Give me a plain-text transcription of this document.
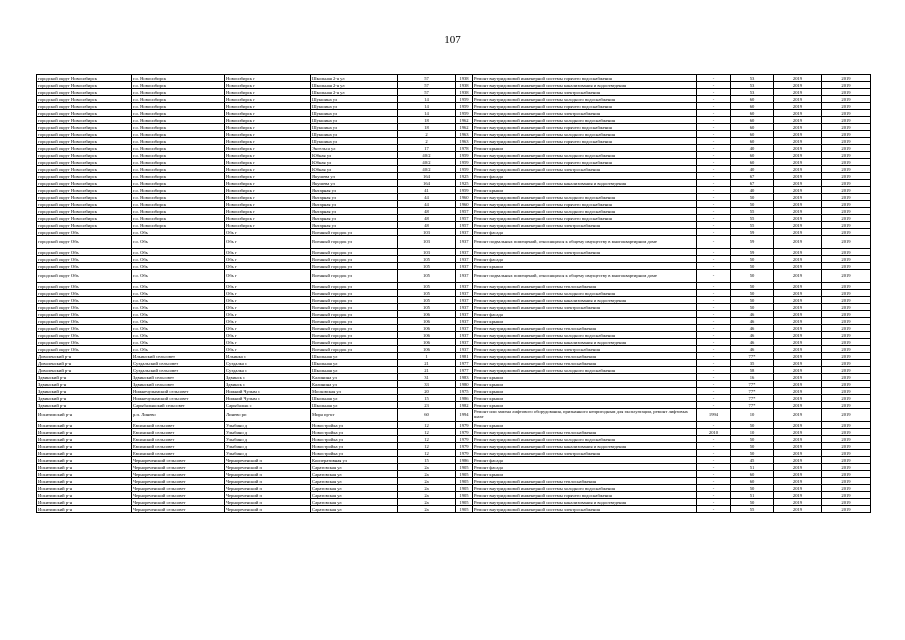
107
городской округ Новосибирск	г.о. Новосибирск	Новосибирск г	Школьная 2-я ул	57	1938	Ремонт внутридомовой инженерной системы горячего водоснабжения	-	53	2019	2019
городской округ Новосибирск	г.о. Новосибирск	Новосибирск г	Школьная 2-я ул	57	1938	Ремонт внутридомовой инженерной системы канализования и водоотведения	-	53	2019	2019
городской округ Новосибирск	г.о. Новосибирск	Новосибирск г	Школьная 2-я ул	57	1938	Ремонт внутридомовой инженерной системы электроснабжения	-	53	2019	2019
городской округ Новосибирск	г.о. Новосибирск	Новосибирск г	Шукшина ул	14	1959	Ремонт внутридомовой инженерной системы холодного водоснабжения	-	60	2019	2019
городской округ Новосибирск	г.о. Новосибирск	Новосибирск г	Шукшина ул	14	1959	Ремонт внутридомовой инженерной системы горячего водоснабжения	-	60	2019	2019
городской округ Новосибирск	г.о. Новосибирск	Новосибирск г	Шукшина ул	14	1959	Ремонт внутридомовой инженерной системы электроснабжения	-	60	2019	2019
городской округ Новосибирск	г.о. Новосибирск	Новосибирск г	Шукшина ул	18	1962	Ремонт внутридомовой инженерной системы холодного водоснабжения	-	60	2019	2019
городской округ Новосибирск	г.о. Новосибирск	Новосибирск г	Шукшина ул	18	1962	Ремонт внутридомовой инженерной системы горячего водоснабжения	-	60	2019	2019
городской округ Новосибирск	г.о. Новосибирск	Новосибирск г	Шукшина ул	2	1963	Ремонт внутридомовой инженерной системы холодного водоснабжения	-	60	2019	2019
городской округ Новосибирск	г.о. Новосибирск	Новосибирск г	Шукшина ул	2	1963	Ремонт внутридомовой инженерной системы горячего водоснабжения	-	60	2019	2019
городской округ Новосибирск	г.о. Новосибирск	Новосибирск г	Энгельса ул	17	1978	Ремонт крыши	-	40	2019	2019
городской округ Новосибирск	г.о. Новосибирск	Новосибирск г	Юбная ул	40/2	1959	Ремонт внутридомовой инженерной системы холодного водоснабжения	-	60	2019	2019
городской округ Новосибирск	г.о. Новосибирск	Новосибирск г	Юбная ул	40/2	1959	Ремонт внутридомовой инженерной системы горячего водоснабжения	-	60	2019	2019
городской округ Новосибирск	г.о. Новосибирск	Новосибирск г	Юбная ул	40/2	1959	Ремонт внутридомовой инженерной системы электроснабжения	-	40	2019	2019
городской округ Новосибирск	г.о. Новосибирск	Новосибирск г	Якушева ул	164	1925	Ремонт фасада	-	67	2019	2019
городской округ Новосибирск	г.о. Новосибирск	Новосибирск г	Якушева ул	164	1925	Ремонт внутридомовой инженерной системы канализования и водоотведения	-	67	2019	2019
городской округ Новосибирск	г.о. Новосибирск	Новосибирск г	Янтарная ул	41	1959	Ремонт крыши	-	40	2019	2019
городской округ Новосибирск	г.о. Новосибирск	Новосибирск г	Янтарная ул	44	1960	Ремонт внутридомовой инженерной системы холодного водоснабжения	-	50	2019	2019
городской округ Новосибирск	г.о. Новосибирск	Новосибирск г	Янтарная ул	44	1960	Ремонт внутридомовой инженерной системы горячего водоснабжения	-	50	2019	2019
городской округ Новосибирск	г.о. Новосибирск	Новосибирск г	Янтарная ул	48	1957	Ремонт внутридомовой инженерной системы холодного водоснабжения	-	55	2019	2019
городской округ Новосибирск	г.о. Новосибирск	Новосибирск г	Янтарная ул	48	1957	Ремонт внутридомовой инженерной системы горячего водоснабжения	-	55	2019	2019
городской округ Новосибирск	г.о. Новосибирск	Новосибирск г	Янтарная ул	48	1957	Ремонт внутридомовой инженерной системы электроснабжения	-	55	2019	2019
городской округ Обь	г.о. Обь	Обь г	Военный городок ул	103	1937	Ремонт фасада	-	59	2019	2019
городской округ Обь	г.о. Обь	Обь г	Военный городок ул	103	1937	Ремонт подвальных помещений, относящихся к общему имуществу в многоквартирном доме	-	59	2019	2019
городской округ Обь	г.о. Обь	Обь г	Военный городок ул	103	1937	Ремонт внутридомовой инженерной системы электроснабжения	-	59	2019	2019
городской округ Обь	г.о. Обь	Обь г	Военный городок ул	105	1937	Ремонт фасада	-	50	2019	2019
городской округ Обь	г.о. Обь	Обь г	Военный городок ул	105	1937	Ремонт крыши	-	50	2019	2019
городской округ Обь	г.о. Обь	Обь г	Военный городок ул	105	1937	Ремонт подвальных помещений, относящихся к общему имуществу в многоквартирном доме	-	50	2019	2019
городской округ Обь	г.о. Обь	Обь г	Военный городок ул	105	1937	Ремонт внутридомовой инженерной системы теплоснабжения	-	50	2019	2019
городской округ Обь	г.о. Обь	Обь г	Военный городок ул	105	1937	Ремонт внутридомовой инженерной системы холодного водоснабжения	-	50	2019	2019
городской округ Обь	г.о. Обь	Обь г	Военный городок ул	105	1937	Ремонт внутридомовой инженерной системы канализования и водоотведения	-	50	2019	2019
городской округ Обь	г.о. Обь	Обь г	Военный городок ул	105	1937	Ремонт внутридомовой инженерной системы электроснабжения	-	50	2019	2019
городской округ Обь	г.о. Обь	Обь г	Военный городок ул	106	1937	Ремонт фасада	-	46	2019	2019
городской округ Обь	г.о. Обь	Обь г	Военный городок ул	106	1937	Ремонт крыши	-	46	2019	2019
городской округ Обь	г.о. Обь	Обь г	Военный городок ул	106	1937	Ремонт внутридомовой инженерной системы теплоснабжения	-	46	2019	2019
городской округ Обь	г.о. Обь	Обь г	Военный городок ул	106	1937	Ремонт внутридомовой инженерной системы холодного водоснабжения	-	46	2019	2019
городской округ Обь	г.о. Обь	Обь г	Военный городок ул	106	1937	Ремонт внутридомовой инженерной системы канализования и водоотведения	-	46	2019	2019
городской округ Обь	г.о. Обь	Обь г	Военный городок ул	106	1937	Ремонт внутридомовой инженерной системы электроснабжения	-	46	2019	2019
Доволенский р-н	Ильинский сельсовет	Ильинка с	Школьная ул	1	1981	Ремонт внутридомовой инженерной системы теплоснабжения	-	77*	2019	2019
Доволенский р-н	Суздальский сельсовет	Суздалка с	Школьная ул	21	1977	Ремонт внутридомовой инженерной системы теплоснабжения	-	35	2019	2019
Доволенский р-н	Суздальский сельсовет	Суздалка с	Школьная ул	21	1977	Ремонт внутридомовой инженерной системы холодного водоснабжения	-	58	2019	2019
Здвинский р-н	Здвинский сельсовет	Здвинск с	Калинина ул	31	1983	Ремонт крыши	-	16	2019	2019
Здвинский р-н	Здвинский сельсовет	Здвинск с	Калинина ул	33	1980	Ремонт крыши	-	77*	2019	2019
Здвинский р-н	Нижнечулымский сельсовет	Нижний Чулым с	Московская ул	20	1975	Ремонт крыши	-	77*	2019	2019
Здвинский р-н	Нижнечулымский сельсовет	Нижний Чулым с	Школьная ул	15	1986	Ремонт крыши	-	77*	2019	2019
Здвинский р-н	Сарыбалыкский сельсовет	Сарыбалык с	Школьная ул	23	1982	Ремонт крыши	-	77*	2019	2019
Искитимский р-н	р.п. Линево	Линево рп	Мира пр-кт	60	1994	Ремонт или замена лифтового оборудования, признанного непригодным для эксплуатации, ремонт лифтовых шахт	1994	10	2019	2019
Искитимский р-н	Евсинский сельсовет	Улыбино д	Новостройка ул	12	1979	Ремонт крыши	-	50	2019	2019
Искитимский р-н	Евсинский сельсовет	Улыбино д	Новостройка ул	12	1979	Ремонт внутридомовой инженерной системы теплоснабжения	2010	10	2019	2019
Искитимский р-н	Евсинский сельсовет	Улыбино д	Новостройка ул	12	1979	Ремонт внутридомовой инженерной системы холодного водоснабжения	-	50	2019	2019
Искитимский р-н	Евсинский сельсовет	Улыбино д	Новостройка ул	12	1979	Ремонт внутридомовой инженерной системы канализования и водоотведения	-	50	2019	2019
Искитимский р-н	Евсинский сельсовет	Улыбино д	Новостройка ул	12	1979	Ремонт внутридомовой инженерной системы электроснабжения	-	50	2019	2019
Искитимский р-н	Чернореченский сельсовет	Чернореченский п	Кооперативная ул	15	1986	Ремонт фасада	-	45	2019	2019
Искитимский р-н	Чернореченский сельсовет	Чернореченский п	Саратовская ул	2а	1905	Ремонт фасада	-	51	2019	2019
Искитимский р-н	Чернореченский сельсовет	Чернореченский п	Саратовская ул	2а	1905	Ремонт крыши	-	60	2019	2019
Искитимский р-н	Чернореченский сельсовет	Чернореченский п	Саратовская ул	2а	1905	Ремонт внутридомовой инженерной системы теплоснабжения	-	60	2019	2019
Искитимский р-н	Чернореченский сельсовет	Чернореченский п	Саратовская ул	2а	1905	Ремонт внутридомовой инженерной системы холодного водоснабжения	-	50	2019	2019
Искитимский р-н	Чернореченский сельсовет	Чернореченский п	Саратовская ул	2а	1905	Ремонт внутридомовой инженерной системы горячего водоснабжения	-	51	2019	2019
Искитимский р-н	Чернореченский сельсовет	Чернореченский п	Саратовская ул	2а	1905	Ремонт внутридомовой инженерной системы канализования и водоотведения	-	50	2019	2019
Искитимский р-н	Чернореченский сельсовет	Чернореченский п	Саратовская ул	2а	1905	Ремонт внутридомовой инженерной системы электроснабжения	-	55	2019	2019
